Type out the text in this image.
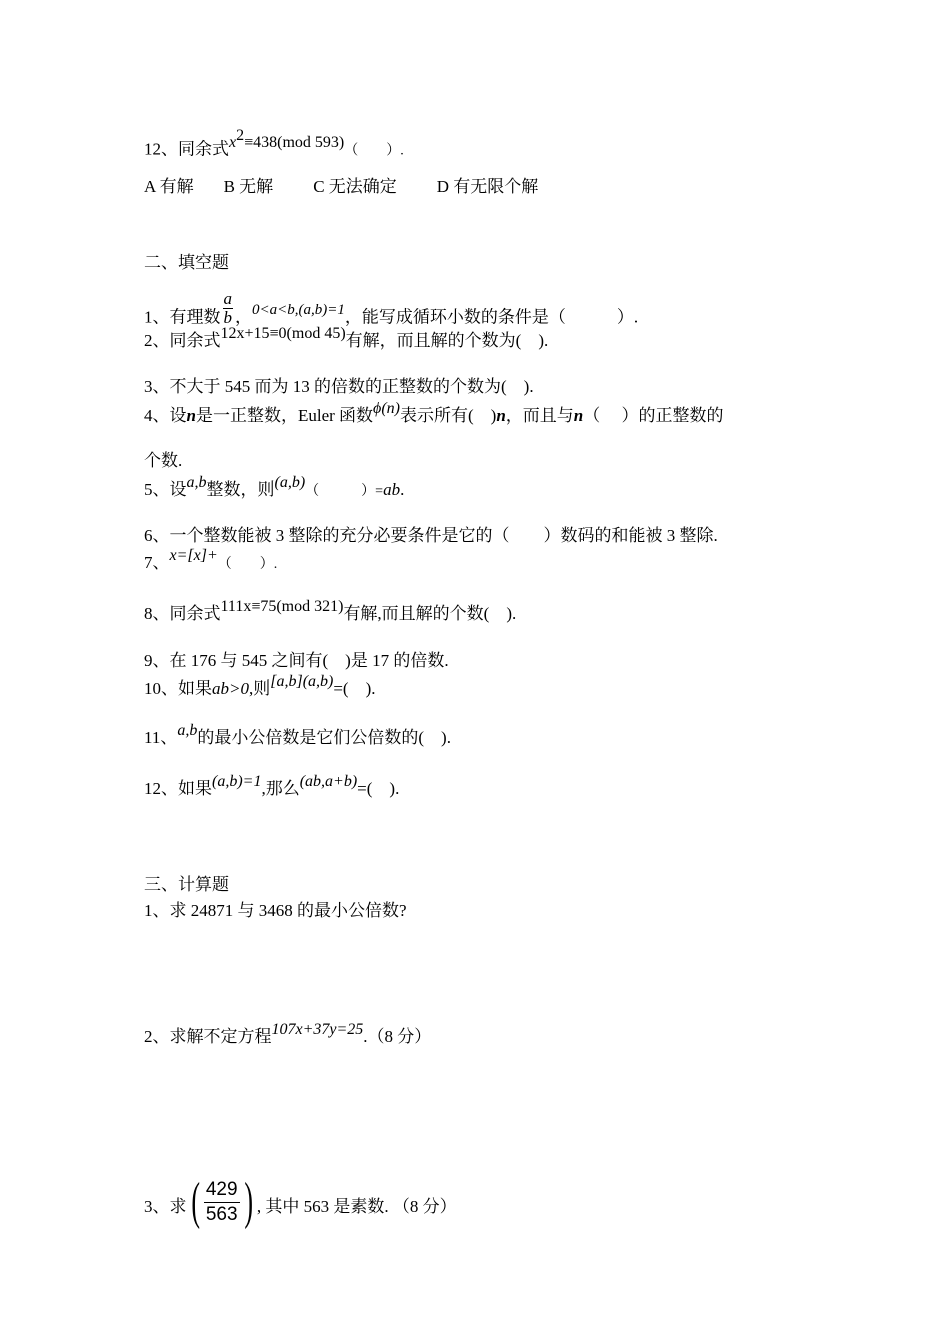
12、同余式$x^2\equiv 438(mod$ 593)（　　）.
A 有解 B 无解 C 无法确定 D 有无限个解
二、填空题
1、有理数 $\frac{a}{b}$ ，0<a<b,(a,b)=1，能写成循环小数的条件是（　　　）.
2、同余式12x+15≡0(mod 45)有解，而且解的个数为(　).
3、不大于 545 而为 13 的倍数的正整数的个数为(　).
4、设n是一正整数，Euler 函数ϕ(n)表示所有(　)n，而且与n（　 ）的正整数的
个数.
5、设a,b整数，则(a,b)（　　　）=ab.
6、一个整数能被 3 整除的充分必要条件是它的（　　）数码的和能被 3 整除.
7、x=[x]+（　　）.
8、同余式111x≡75(mod 321)有解,而且解的个数(　).
9、在 176 与 545 之间有(　)是 17 的倍数.
10、如果ab>0,则[a,b](a,b)=(　).
11、a,b的最小公倍数是它们公倍数的(　).
12、如果(a,b)=1,那么(ab,a+b)=(　).
三、计算题
1、求 24871 与 3468 的最小公倍数?
2、求解不定方程107x+37y=25.（8 分）
3、求 ( 429
563 ) , 其中 563 是素数. （8 分）
